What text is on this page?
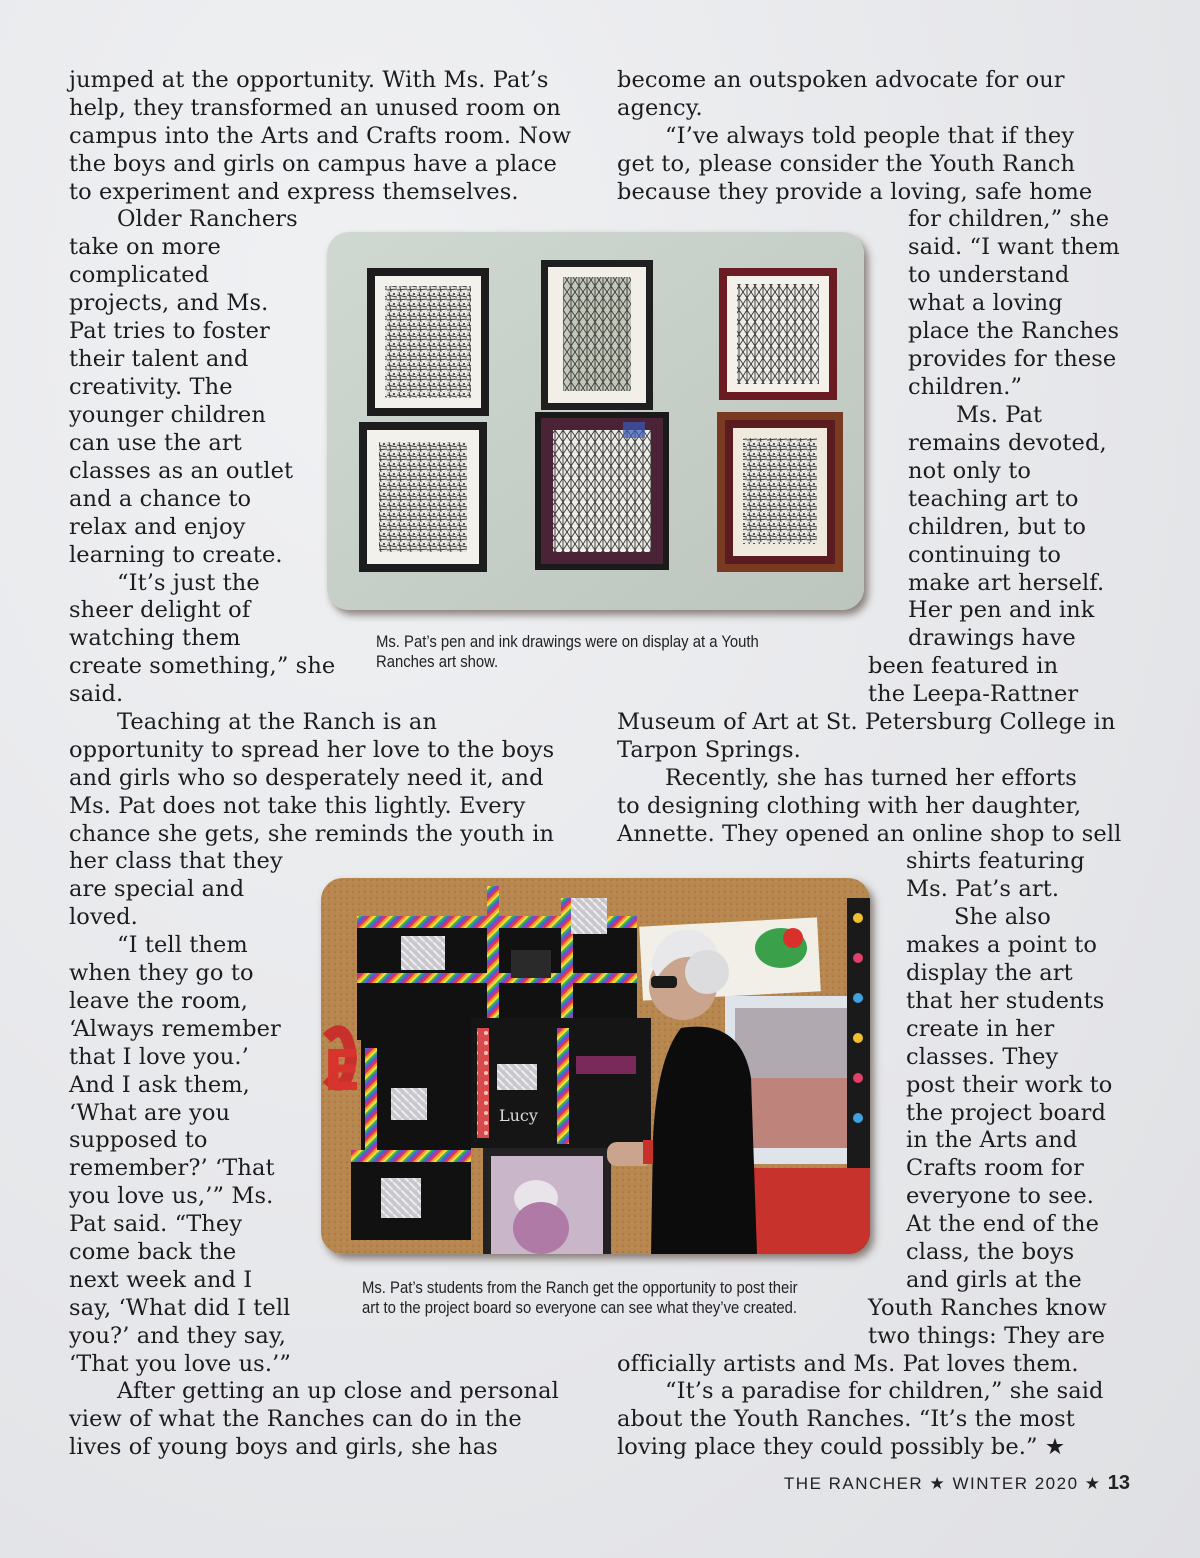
jumped at the opportunity. With Ms. Pat’s
help, they transformed an unused room on
campus into the Arts and Crafts room. Now
the boys and girls on campus have a place
to experiment and express themselves.
Older Ranchers
take on more
complicated
projects, and Ms.
Pat tries to foster
their talent and
creativity. The
younger children
can use the art
classes as an outlet
and a chance to
relax and enjoy
learning to create.
“It’s just the
sheer delight of
watching them
create something,” she
said.
Teaching at the Ranch is an
opportunity to spread her love to the boys
and girls who so desperately need it, and
Ms. Pat does not take this lightly. Every
chance she gets, she reminds the youth in
her class that they
are special and
loved.
“I tell them
when they go to
leave the room,
‘Always remember
that I love you.’
And I ask them,
‘What are you
supposed to
remember?’ ‘That
you love us,’” Ms.
Pat said. “They
come back the
next week and I
say, ‘What did I tell
you?’ and they say,
‘That you love us.’”
After getting an up close and personal
view of what the Ranches can do in the
lives of young boys and girls, she has
become an outspoken advocate for our
agency.
“I’ve always told people that if they
get to, please consider the Youth Ranch
because they provide a loving, safe home
for children,” she
said. “I want them
to understand
what a loving
place the Ranches
provides for these
children.”
Ms. Pat
remains devoted,
not only to
teaching art to
children, but to
continuing to
make art herself.
Her pen and ink
drawings have
been featured in
the Leepa-Rattner
Museum of Art at St. Petersburg College in
Tarpon Springs.
Recently, she has turned her efforts
to designing clothing with her daughter,
Annette. They opened an online shop to sell
shirts featuring
Ms. Pat’s art.
She also
makes a point to
display the art
that her students
create in her
classes. They
post their work to
the project board
in the Arts and
Crafts room for
everyone to see.
At the end of the
class, the boys
and girls at the
Youth Ranches know
two things: They are
officially artists and Ms. Pat loves them.
“It’s a paradise for children,” she said
about the Youth Ranches. “It’s the most
loving place they could possibly be.” ★
Ms. Pat’s pen and ink drawings were on display at a Youth
Ranches art show.
Lucy
E
Ms. Pat’s students from the Ranch get the opportunity to post their
art to the project board so everyone can see what they’ve created.
THE RANCHER ★ WINTER 2020 ★ 13
